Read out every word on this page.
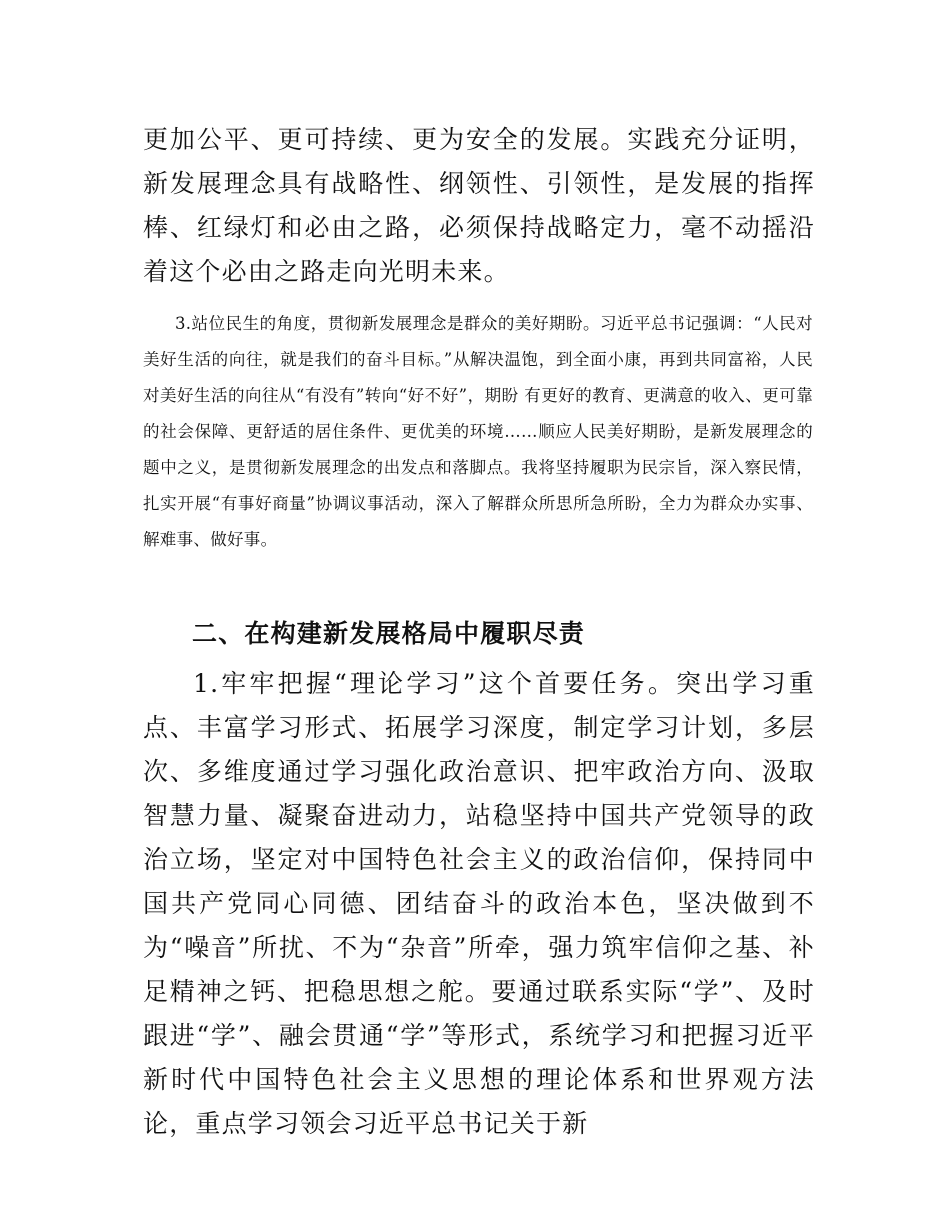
更加公平、更可持续、更为安全的发展。实践充分证明，新发展理念具有战略性、纲领性、引领性，是发展的指挥棒、红绿灯和必由之路，必须保持战略定力，毫不动摇沿着这个必由之路走向光明未来。

3.站位民生的角度，贯彻新发展理念是群众的美好期盼。习近平总书记强调：“人民对美好生活的向往，就是我们的奋斗目标。”从解决温饱，到全面小康，再到共同富裕，人民对美好生活的向往从“有没有”转向“好不好”，期盼 有更好的教育、更满意的收入、更可靠的社会保障、更舒适的居住条件、更优美的环境……顺应人民美好期盼，是新发展理念的题中之义，是贯彻新发展理念的出发点和落脚点。我将坚持履职为民宗旨，深入察民情，扎实开展“有事好商量”协调议事活动，深入了解群众所思所急所盼，全力为群众办实事、解难事、做好事。

二、在构建新发展格局中履职尽责

1.牢牢把握“理论学习”这个首要任务。突出学习重点、丰富学习形式、拓展学习深度，制定学习计划，多层次、多维度通过学习强化政治意识、把牢政治方向、汲取智慧力量、凝聚奋进动力，站稳坚持中国共产党领导的政治立场，坚定对中国特色社会主义的政治信仰，保持同中国共产党同心同德、团结奋斗的政治本色，坚决做到不为“噪音”所扰、不为“杂音”所牵，强力筑牢信仰之基、补足精神之钙、把稳思想之舵。要通过联系实际“学”、及时跟进“学”、融会贯通“学”等形式，系统学习和把握习近平新时代中国特色社会主义思想的理论体系和世界观方法论，重点学习领会习近平总书记关于新
